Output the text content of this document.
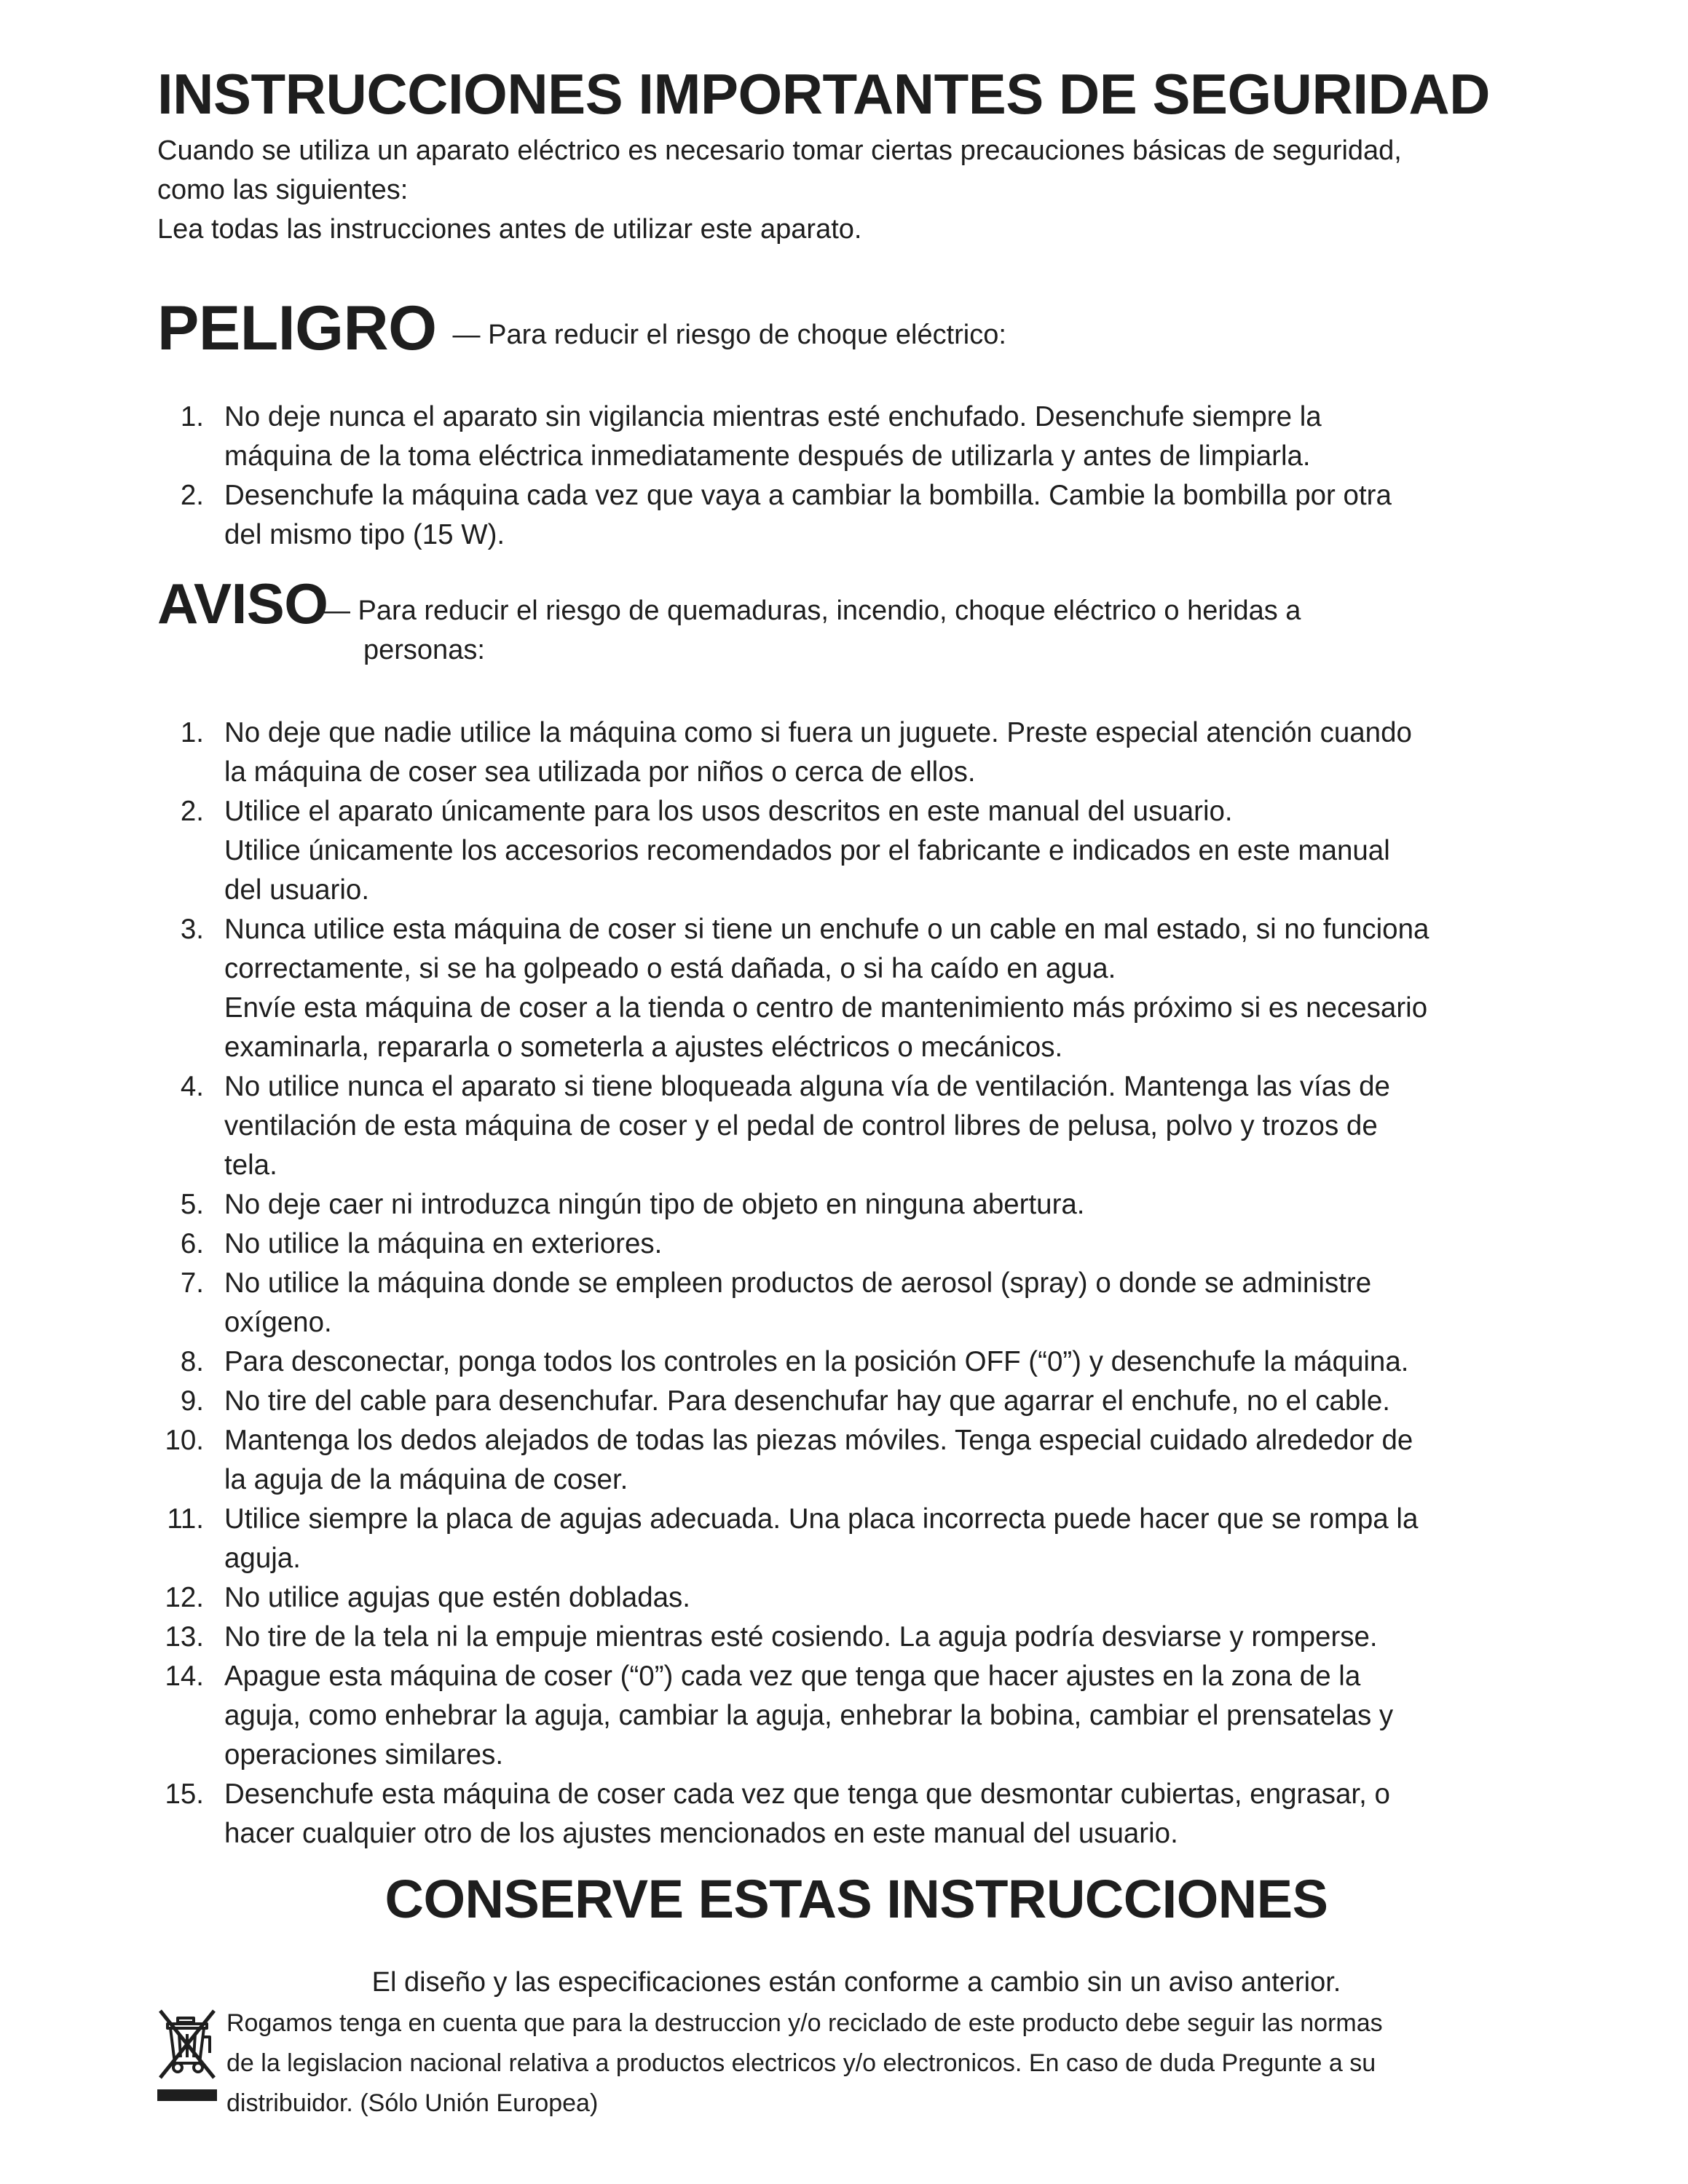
INSTRUCCIONES IMPORTANTES DE SEGURIDAD

Cuando se utiliza un aparato eléctrico es necesario tomar ciertas precauciones básicas de seguridad,

como las siguientes:

Lea todas las instrucciones antes de utilizar este aparato.

PELIGRO — Para reducir el riesgo de choque eléctrico:
1. No deje nunca el aparato sin vigilancia mientras esté enchufado. Desenchufe siempre la

máquina de la toma eléctrica inmediatamente después de utilizarla y antes de limpiarla.

2. Desenchufe la máquina cada vez que vaya a cambiar la bombilla. Cambie la bombilla por otra

del mismo tipo (15 W).

AVISO
— Para reducir el riesgo de quemaduras, incendio, choque eléctrico o heridas a
personas:
1. No deje que nadie utilice la máquina como si fuera un juguete. Preste especial atención cuando

la máquina de coser sea utilizada por niños o cerca de ellos.

2. Utilice el aparato únicamente para los usos descritos en este manual del usuario.

Utilice únicamente los accesorios recomendados por el fabricante e indicados en este manual

del usuario.

3. Nunca utilice esta máquina de coser si tiene un enchufe o un cable en mal estado, si no funciona

correctamente, si se ha golpeado o está dañada, o si ha caído en agua.

Envíe esta máquina de coser a la tienda o centro de mantenimiento más próximo si es necesario

examinarla, repararla o someterla a ajustes eléctricos o mecánicos.

4. No utilice nunca el aparato si tiene bloqueada alguna vía de ventilación. Mantenga las vías de

ventilación de esta máquina de coser y el pedal de control libres de pelusa, polvo y trozos de

tela.

5. No deje caer ni introduzca ningún tipo de objeto en ninguna abertura.

6. No utilice la máquina en exteriores.

7. No utilice la máquina donde se empleen productos de aerosol (spray) o donde se administre

oxígeno.

8. Para desconectar, ponga todos los controles en la posición OFF (“0”) y desenchufe la máquina.

9. No tire del cable para desenchufar. Para desenchufar hay que agarrar el enchufe, no el cable.

10. Mantenga los dedos alejados de todas las piezas móviles. Tenga especial cuidado alrededor de

la aguja de la máquina de coser.

11. Utilice siempre la placa de agujas adecuada. Una placa incorrecta puede hacer que se rompa la

aguja.

12. No utilice agujas que estén dobladas.

13. No tire de la tela ni la empuje mientras esté cosiendo. La aguja podría desviarse y romperse.

14. Apague esta máquina de coser (“0”) cada vez que tenga que hacer ajustes en la zona de la

aguja, como enhebrar la aguja, cambiar la aguja, enhebrar la bobina, cambiar el prensatelas y

operaciones similares.

15. Desenchufe esta máquina de coser cada vez que tenga que desmontar cubiertas, engrasar, o

hacer cualquier otro de los ajustes mencionados en este manual del usuario.

CONSERVE ESTAS INSTRUCCIONES
El diseño y las especificaciones están conforme a cambio sin un aviso anterior.
Rogamos tenga en cuenta que para la destruccion y/o reciclado de este producto debe seguir las normas
de la legislacion nacional relativa a productos electricos y/o electronicos. En caso de duda Pregunte a su
distribuidor. (Sólo Unión Europea)
